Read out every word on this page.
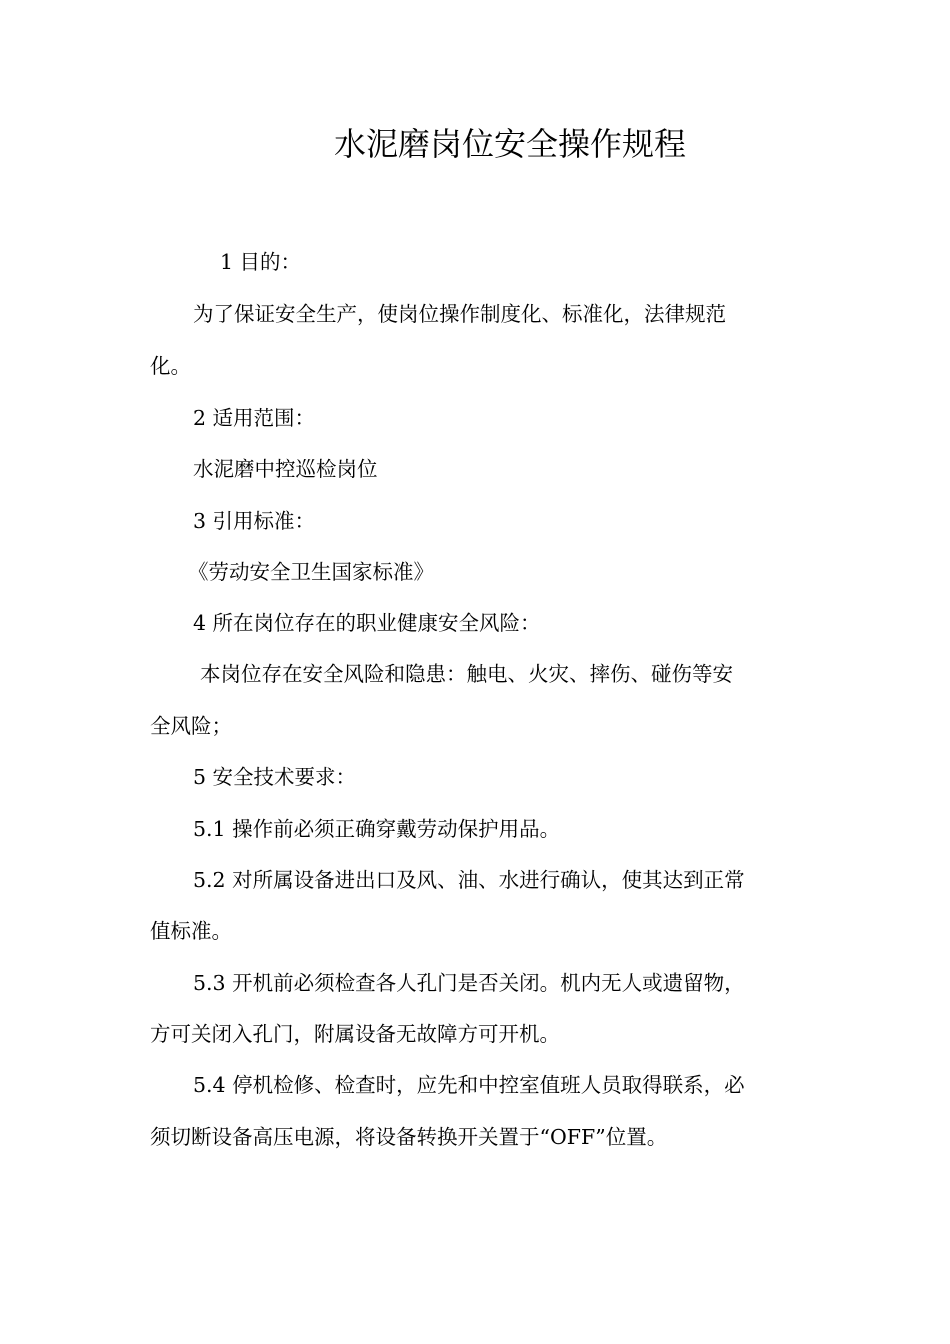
水泥磨岗位安全操作规程
1 目的：
为了保证安全生产，使岗位操作制度化、标准化，法律规范
化。
2 适用范围：
水泥磨中控巡检岗位
3 引用标准：
《劳动安全卫生国家标准》
4 所在岗位存在的职业健康安全风险：
本岗位存在安全风险和隐患：触电、火灾、摔伤、碰伤等安
全风险；
5 安全技术要求：
5.1 操作前必须正确穿戴劳动保护用品。
5.2 对所属设备进出口及风、油、水进行确认，使其达到正常
值标准。
5.3 开机前必须检查各人孔门是否关闭。机内无人或遗留物，
方可关闭入孔门，附属设备无故障方可开机。
5.4 停机检修、检查时，应先和中控室值班人员取得联系，必
须切断设备高压电源，将设备转换开关置于“OFF”位置。
